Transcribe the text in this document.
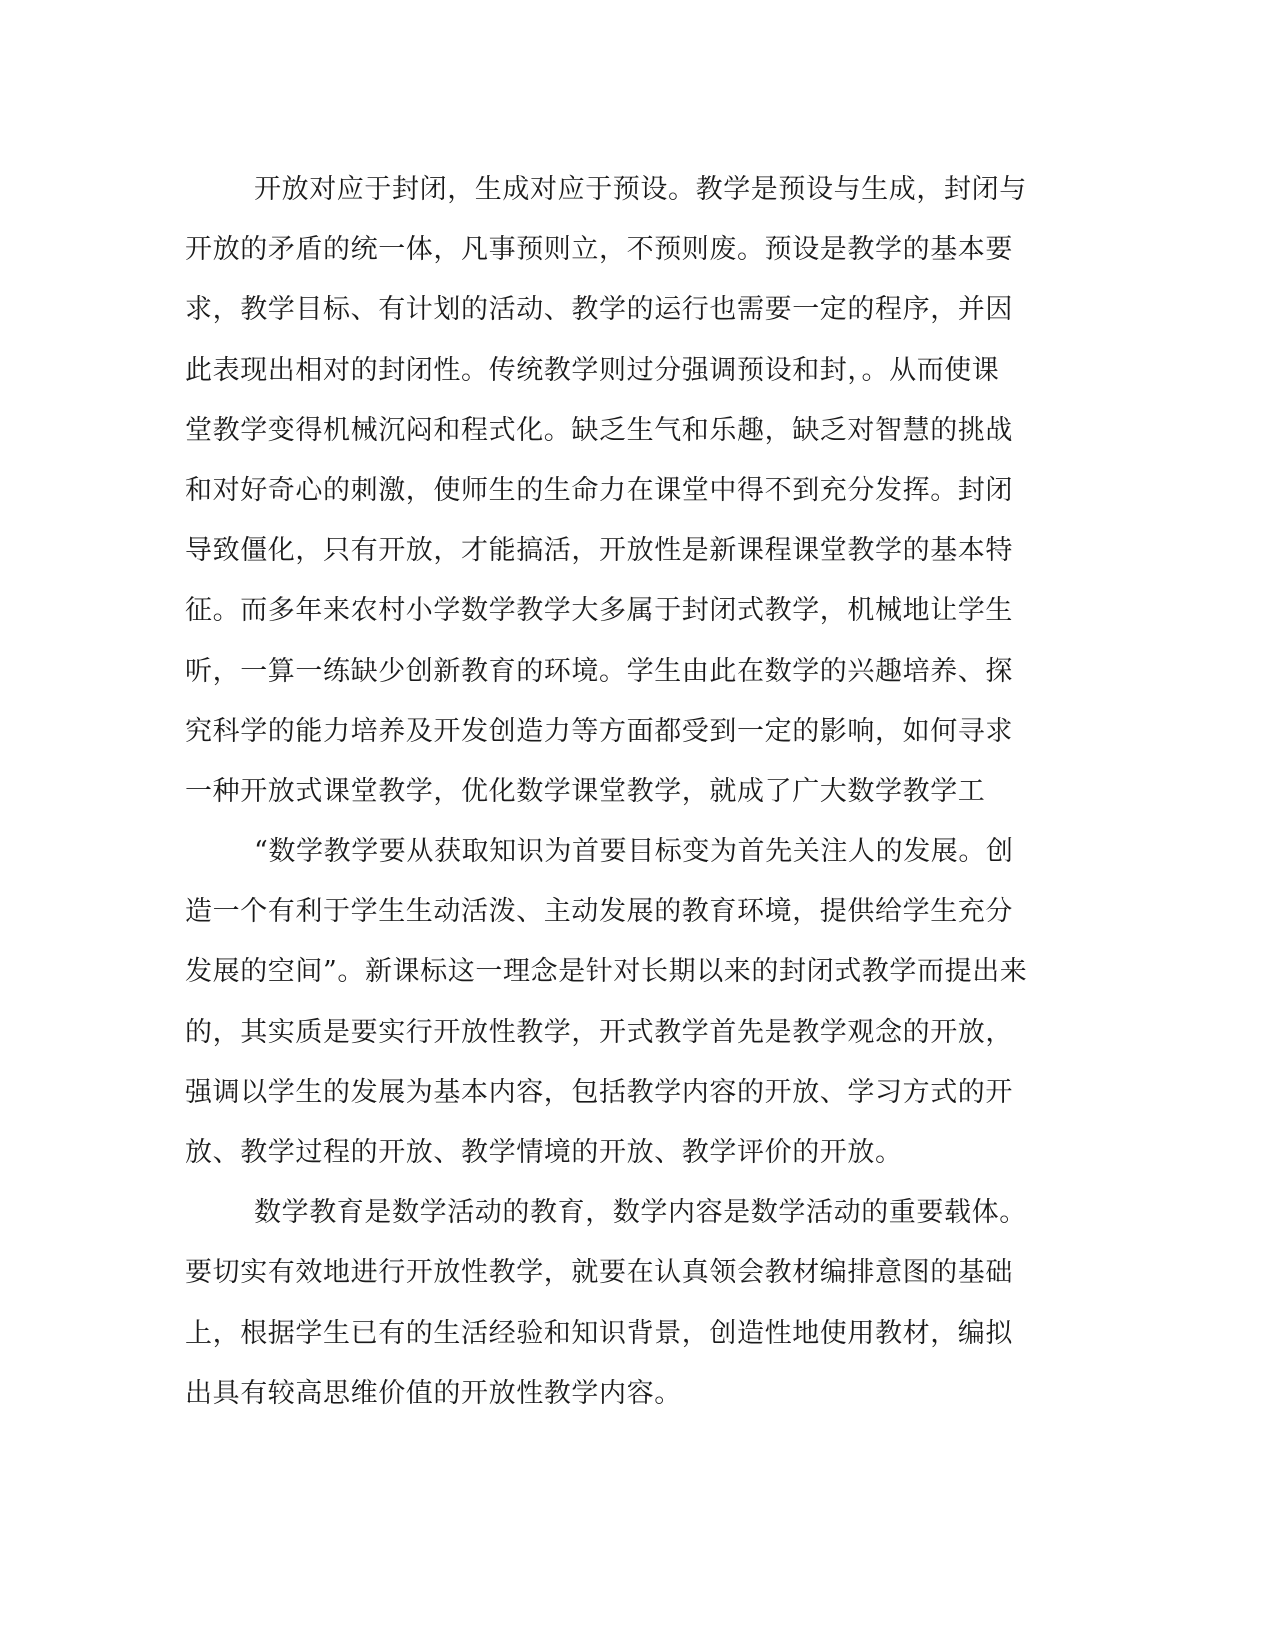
开放对应于封闭，生成对应于预设。教学是预设与生成，封闭与
开放的矛盾的统一体，凡事预则立，不预则废。预设是教学的基本要
求，教学目标、有计划的活动、教学的运行也需要一定的程序，并因
此表现出相对的封闭性。传统教学则过分强调预设和封，。从而使课
堂教学变得机械沉闷和程式化。缺乏生气和乐趣，缺乏对智慧的挑战
和对好奇心的刺激，使师生的生命力在课堂中得不到充分发挥。封闭
导致僵化，只有开放，才能搞活，开放性是新课程课堂教学的基本特
征。而多年来农村小学数学教学大多属于封闭式教学，机械地让学生
听，一算一练缺少创新教育的环境。学生由此在数学的兴趣培养、探
究科学的能力培养及开发创造力等方面都受到一定的影响，如何寻求
一种开放式课堂教学，优化数学课堂教学，就成了广大数学教学工
“数学教学要从获取知识为首要目标变为首先关注人的发展。创
造一个有利于学生生动活泼、主动发展的教育环境，提供给学生充分
发展的空间”。新课标这一理念是针对长期以来的封闭式教学而提出来
的，其实质是要实行开放性教学，开式教学首先是教学观念的开放，
强调以学生的发展为基本内容，包括教学内容的开放、学习方式的开
放、教学过程的开放、教学情境的开放、教学评价的开放。
数学教育是数学活动的教育，数学内容是数学活动的重要载体。
要切实有效地进行开放性教学，就要在认真领会教材编排意图的基础
上，根据学生已有的生活经验和知识背景，创造性地使用教材，编拟
出具有较高思维价值的开放性教学内容。
